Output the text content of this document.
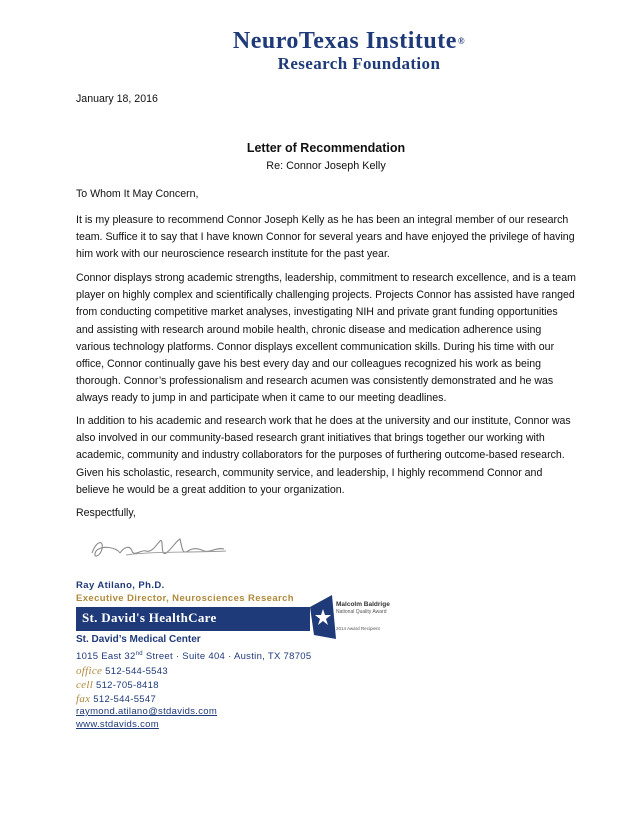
NeuroTexas Institute®
Research Foundation
January 18, 2016
Letter of Recommendation
Re: Connor Joseph Kelly
To Whom It May Concern,

It is my pleasure to recommend Connor Joseph Kelly as he has been an integral member of our research team. Suffice it to say that I have known Connor for several years and have enjoyed the privilege of having him work with our neuroscience research institute for the past year.

Connor displays strong academic strengths, leadership, commitment to research excellence, and is a team player on highly complex and scientifically challenging projects. Projects Connor has assisted have ranged from conducting competitive market analyses, investigating NIH and private grant funding opportunities and assisting with research around mobile health, chronic disease and medication adherence using various technology platforms. Connor displays excellent communication skills. During his time with our office, Connor continually gave his best every day and our colleagues recognized his work as being thorough. Connor’s professionalism and research acumen was consistently demonstrated and he was always ready to jump in and participate when it came to our meeting deadlines.

In addition to his academic and research work that he does at the university and our institute, Connor was also involved in our community-based research grant initiatives that brings together our working with academic, community and industry collaborators for the purposes of furthering outcome-based research. Given his scholastic, research, community service, and leadership, I highly recommend Connor and believe he would be a great addition to your organization.

Respectfully,
Ray Atilano, Ph.D.
Executive Director, Neurosciences Research
St. David's HealthCare
Malcolm Baldrige
National Quality Award
2014 Award Recipient
St. David’s Medical Center
1015 East 32nd Street · Suite 404 · Austin, TX 78705
office 512-544-5543
cell 512-705-8418
fax 512-544-5547
raymond.atilano@stdavids.com
www.stdavids.com
